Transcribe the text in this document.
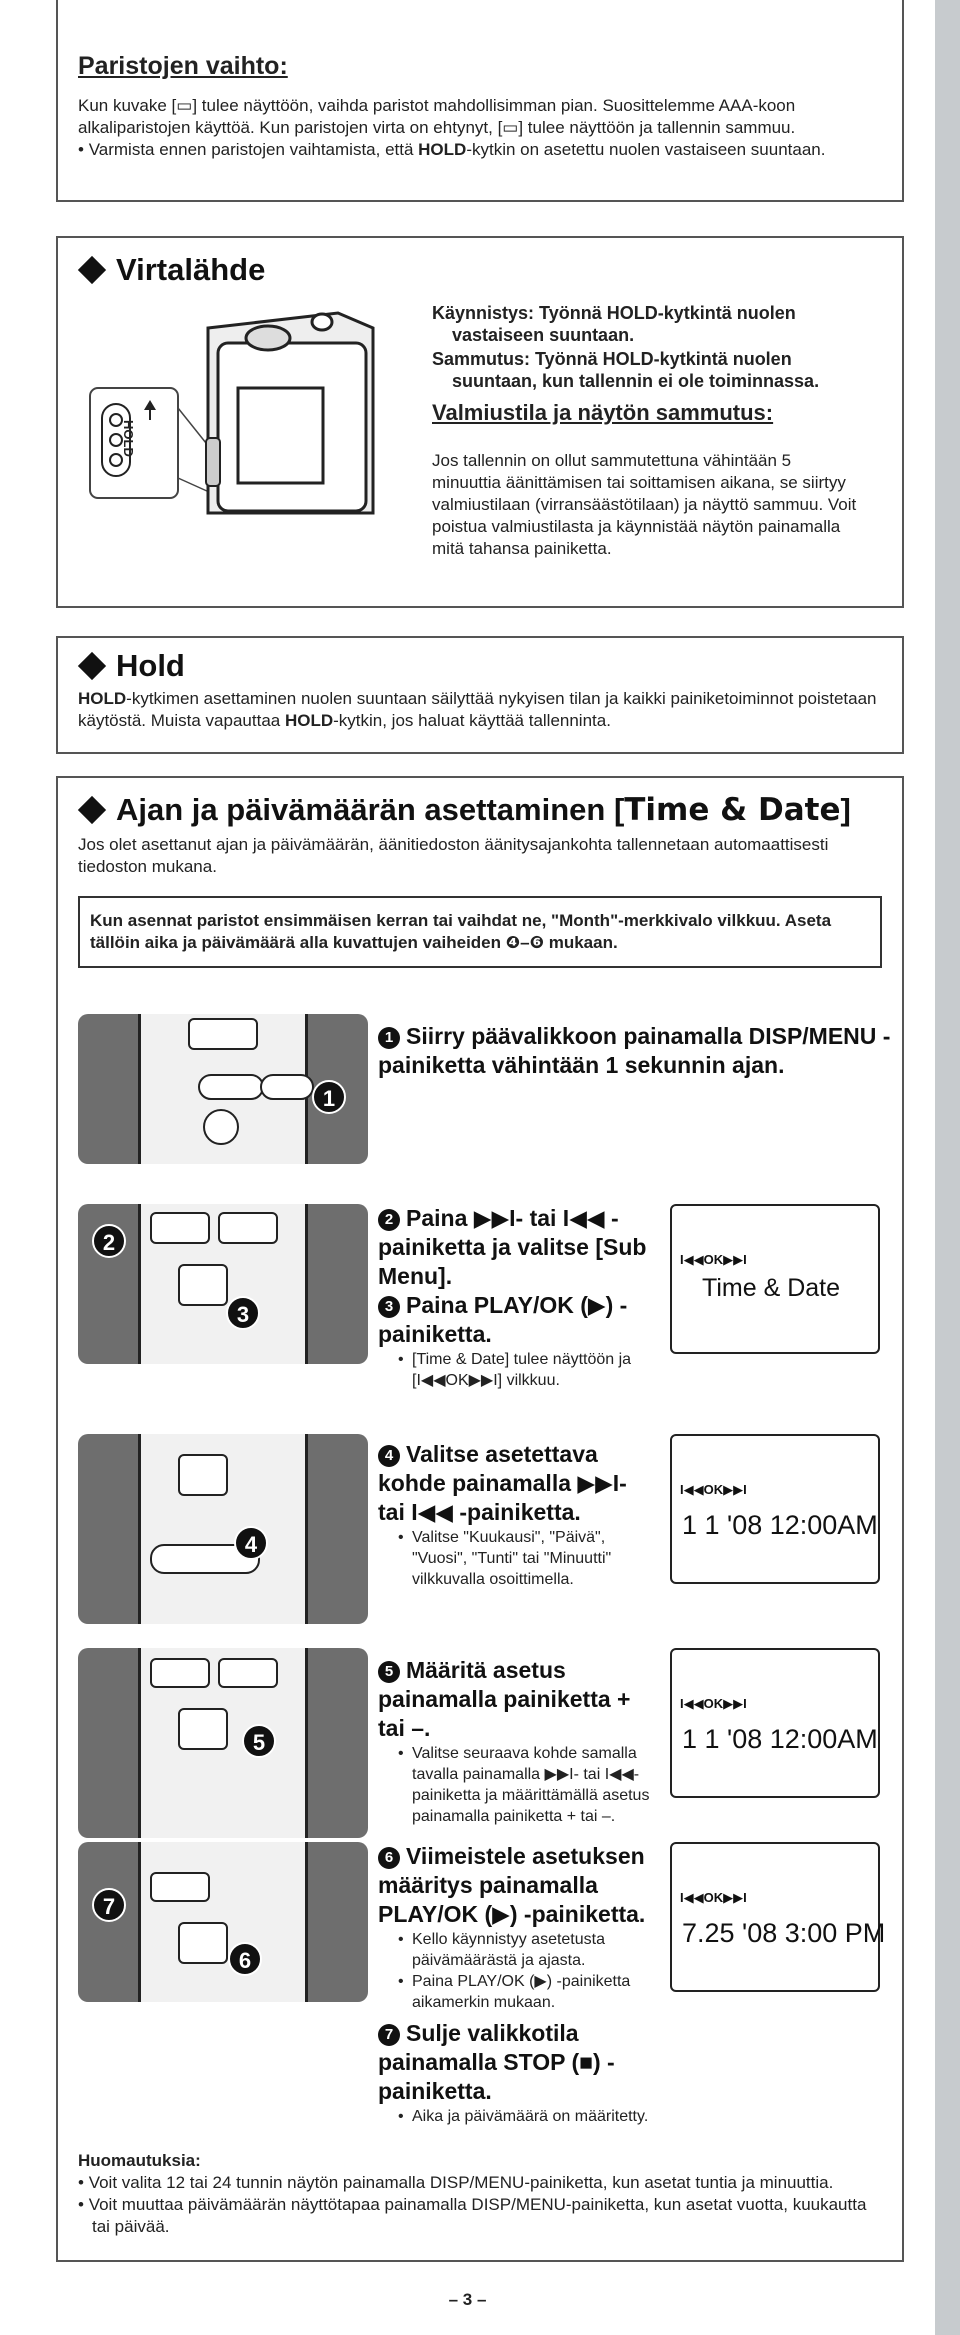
Paristojen vaihto:

Kun kuvake [▭] tulee näyttöön, vaihda paristot mahdollisimman pian. Suosittelemme AAA-koon alkaliparistojen käyttöä. Kun paristojen virta on ehtynyt, [▭] tulee näyttöön ja tallennin sammuu.

• Varmista ennen paristojen vaihtamista, että HOLD-kytkin on asetettu nuolen vastaiseen suuntaan.

Virtalähde
HOLD

Käynnistys: Työnnä HOLD-kytkintä nuolen vastaiseen suuntaan.

Sammutus: Työnnä HOLD-kytkintä nuolen suuntaan, kun tallennin ei ole toiminnassa.

Valmiustila ja näytön sammutus:

Jos tallennin on ollut sammutettuna vähintään 5 minuuttia äänittämisen tai soittamisen aikana, se siirtyy valmiustilaan (virransäästötilaan) ja näyttö sammuu. Voit poistua valmiustilasta ja käynnistää näytön painamalla mitä tahansa painiketta.

Hold

HOLD-kytkimen asettaminen nuolen suuntaan säilyttää nykyisen tilan ja kaikki painiketoiminnot poistetaan käytöstä. Muista vapauttaa HOLD-kytkin, jos haluat käyttää tallenninta.

Ajan ja päivämäärän asettaminen [Time & Date]

Jos olet asettanut ajan ja päivämäärän, äänitiedoston äänitysajankohta tallennetaan automaattisesti tiedoston mukana.

Kun asennat paristot ensimmäisen kerran tai vaihdat ne, "Month"-merkkivalo vilkkuu. Aseta tällöin aika ja päivämäärä alla kuvattujen vaiheiden ❹–❻ mukaan.

1
1 Siirry päävalikkoon painamalla DISP/MENU -painiketta vähintään 1 sekunnin ajan.
2
3
2 Paina ▶▶I- tai I◀◀ -painiketta ja valitse [Sub Menu].
3 Paina PLAY/OK (▶) -painiketta.
• [Time & Date] tulee näyttöön ja [I◀◀OK▶▶I] vilkkuu.
I◀◀OK▶▶I
Time & Date
4
4 Valitse asetettava kohde painamalla ▶▶I- tai I◀◀ -painiketta.
• Valitse "Kuukausi", "Päivä", "Vuosi", "Tunti" tai "Minuutti" vilkkuvalla osoittimella.
I◀◀OK▶▶I
1 1 '08 12:00AM
5
5 Määritä asetus painamalla painiketta + tai –.
• Valitse seuraava kohde samalla tavalla painamalla ▶▶I- tai I◀◀-painiketta ja määrittämällä asetus painamalla painiketta + tai –.
I◀◀OK▶▶I
1 1 '08 12:00AM
7
6
6 Viimeistele asetuksen määritys painamalla PLAY/OK (▶) -painiketta.
• Kello käynnistyy asetetusta päivämäärästä ja ajasta.
• Paina PLAY/OK (▶) -painiketta aikamerkin mukaan.
7 Sulje valikkotila painamalla STOP (■) -painiketta.
• Aika ja päivämäärä on määritetty.
I◀◀OK▶▶I
7.25 '08 3:00 PM

Huomautuksia:

• Voit valita 12 tai 24 tunnin näytön painamalla DISP/MENU-painiketta, kun asetat tuntia ja minuuttia.

• Voit muuttaa päivämäärän näyttötapaa painamalla DISP/MENU-painiketta, kun asetat vuotta, kuukautta tai päivää.

– 3 –
